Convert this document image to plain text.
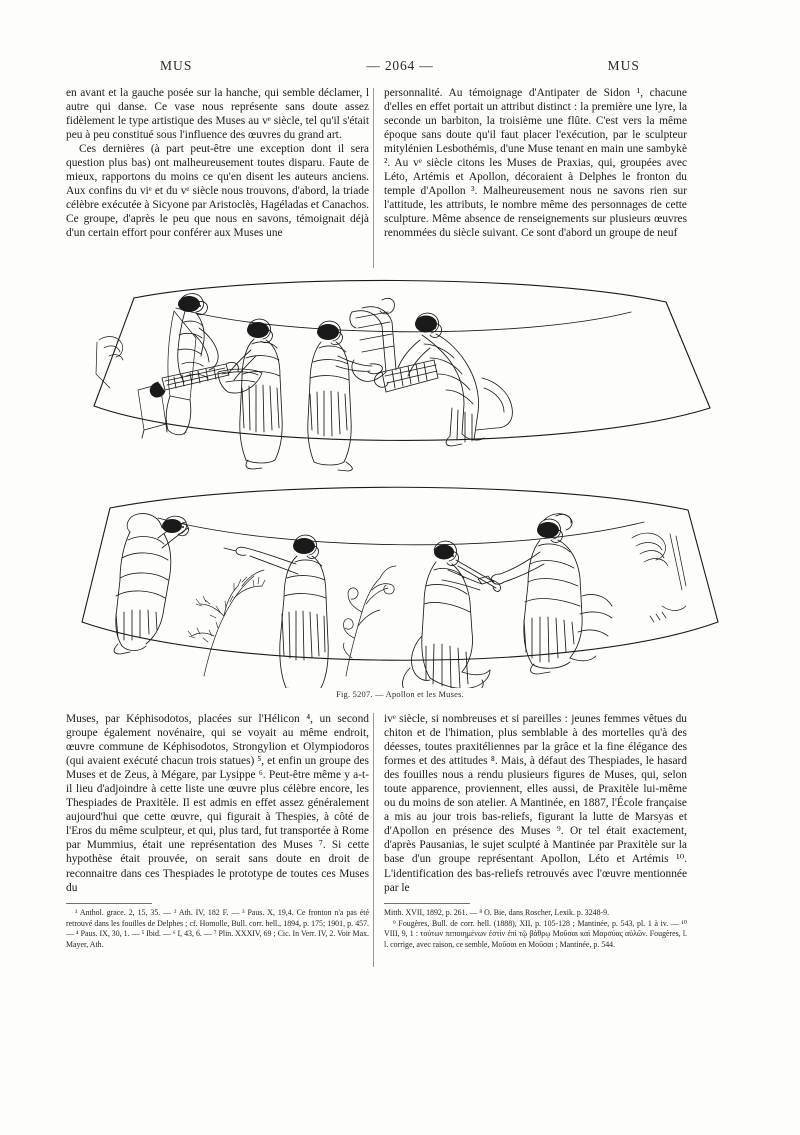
MUS	— 2064 —	MUS

en avant et la gauche posée sur la hanche, qui semble déclamer, l autre qui danse. Ce vase nous représente sans doute assez fidèlement le type artistique des Muses au vᵉ siècle, tel qu'il s'était peu à peu constitué sous l'influence des œuvres du grand art.

Ces dernières (à part peut-être une exception dont il sera question plus bas) ont malheureusement toutes disparu. Faute de mieux, rapportons du moins ce qu'en disent les auteurs anciens. Aux confins du viᵉ et du vᵉ siècle nous trouvons, d'abord, la triade célèbre exécutée à Sicyone par Aristoclès, Hagéladas et Canachos. Ce groupe, d'après le peu que nous en savons, témoignait déjà d'un certain effort pour conférer aux Muses une

personnalité. Au témoignage d'Antipater de Sidon ¹, chacune d'elles en effet portait un attribut distinct : la première une lyre, la seconde un barbiton, la troisième une flûte. C'est vers la même époque sans doute qu'il faut placer l'exécution, par le sculpteur mitylénien Lesbothémis, d'une Muse tenant en main une sambykè ². Au vᵉ siècle citons les Muses de Praxias, qui, groupées avec Léto, Artémis et Apollon, décoraient à Delphes le fronton du temple d'Apollon ³. Malheureusement nous ne savons rien sur l'attitude, les attributs, le nombre même des personnages de cette sculpture. Même absence de renseignements sur plusieurs œuvres renommées du siècle suivant. Ce sont d'abord un groupe de neuf

Fig. 5207. — Apollon et les Muses.

Muses, par Képhisodotos, placées sur l'Hélicon ⁴, un second groupe également novénaire, qui se voyait au même endroit, œuvre commune de Képhisodotos, Strongylion et Olympiodoros (qui avaient exécuté chacun trois statues) ⁵, et enfin un groupe des Muses et de Zeus, à Mégare, par Lysippe ⁶. Peut-être même y a-t-il lieu d'adjoindre à cette liste une œuvre plus célèbre encore, les Thespiades de Praxitèle. Il est admis en effet assez généralement aujourd'hui que cette œuvre, qui figurait à Thespies, à côté de l'Eros du même sculpteur, et qui, plus tard, fut transportée à Rome par Mummius, était une représentation des Muses ⁷. Si cette hypothèse était prouvée, on serait sans doute en droit de reconnaitre dans ces Thespiades le prototype de toutes ces Muses du

ivᵉ siècle, si nombreuses et si pareilles : jeunes femmes vêtues du chiton et de l'himation, plus semblable à des mortelles qu'à des déesses, toutes praxitéliennes par la grâce et la fine élégance des formes et des attitudes ⁸. Mais, à défaut des Thespiades, le hasard des fouilles nous a rendu plusieurs figures de Muses, qui, selon toute apparence, proviennent, elles aussi, de Praxitèle lui-même ou du moins de son atelier. A Mantinée, en 1887, l'École française a mis au jour trois bas-reliefs, figurant la lutte de Marsyas et d'Apollon en présence des Muses ⁹. Or tel était exactement, d'après Pausanias, le sujet sculpté à Mantinée par Praxitèle sur la base d'un groupe représentant Apollon, Léto et Artémis ¹⁰. L'identification des bas-reliefs retrouvés avec l'œuvre mentionnée par le

¹ Anthol. grace. 2, 15, 35. — ² Ath. IV, 182 F. — ³ Paus. X, 19,4. Ce fronton n'a pas été retrouvé dans les fouilles de Delphes ; cf. Homolle, Bull. corr. hell., 1894, p. 175; 1901, p. 457. — ⁴ Paus. IX, 30, 1. — ⁵ Ibid. — ⁶ I, 43, 6. — ⁷ Plin. XXXIV, 69 ; Cic. In Verr. IV, 2. Voir Max. Mayer, Ath.

Mitth. XVII, 1892, p. 261. — ⁸ O. Bie, dans Roscher, Lexik. p. 3248-9.

⁹ Fougères, Bull. de corr. hell. (1888), XII, p. 105-128 ; Mantinée, p. 543, pl. 1 à iv. — ¹⁰ VIII, 9, 1 : τούτων πεποιημένων ἐστὶν ἐπὶ τῷ βάθρῳ Μοῦσαι καὶ Μαρσύας αὐλῶν. Fougères, l. l. corrige, avec raison, ce semble, Μοῦσαι en Μοῦσαι ; Mantinée, p. 544.
